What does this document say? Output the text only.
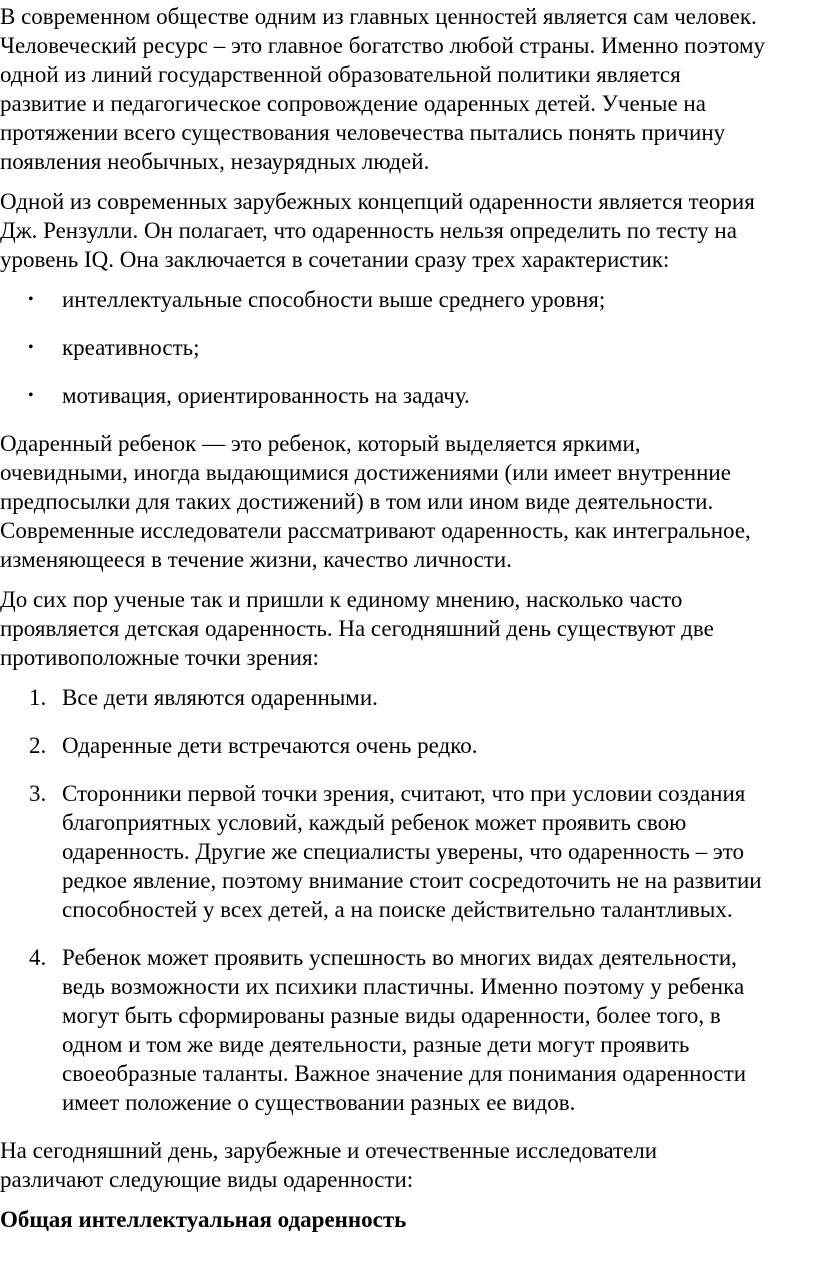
В современном обществе одним из главных ценностей является сам человек.
Человеческий ресурс – это главное богатство любой страны. Именно поэтому
одной из линий государственной образовательной политики является
развитие и педагогическое сопровождение одаренных детей. Ученые на
протяжении всего существования человечества пытались понять причину
появления необычных, незаурядных людей.

Одной из современных зарубежных концепций одаренности является теория
Дж. Рензулли. Он полагает, что одаренность нельзя определить по тесту на
уровень IQ. Она заключается в сочетании сразу трех характеристик:

• интеллектуальные способности выше среднего уровня;
• креативность;
• мотивация, ориентированность на задачу.

Одаренный ребенок — это ребенок, который выделяется яркими,
очевидными, иногда выдающимися достижениями (или имеет внутренние
предпосылки для таких достижений) в том или ином виде деятельности.
Современные исследователи рассматривают одаренность, как интегральное,
изменяющееся в течение жизни, качество личности.

До сих пор ученые так и пришли к единому мнению, насколько часто
проявляется детская одаренность. На сегодняшний день существуют две
противоположные точки зрения:

1. Все дети являются одаренными.
2. Одаренные дети встречаются очень редко.
3. Сторонники первой точки зрения, считают, что при условии создания
благоприятных условий, каждый ребенок может проявить свою
одаренность. Другие же специалисты уверены, что одаренность – это
редкое явление, поэтому внимание стоит сосредоточить не на развитии
способностей у всех детей, а на поиске действительно талантливых.
4. Ребенок может проявить успешность во многих видах деятельности,
ведь возможности их психики пластичны. Именно поэтому у ребенка
могут быть сформированы разные виды одаренности, более того, в
одном и том же виде деятельности, разные дети могут проявить
своеобразные таланты. Важное значение для понимания одаренности
имеет положение о существовании разных ее видов.

На сегодняшний день, зарубежные и отечественные исследователи
различают следующие виды одаренности:

Общая интеллектуальная одаренность
